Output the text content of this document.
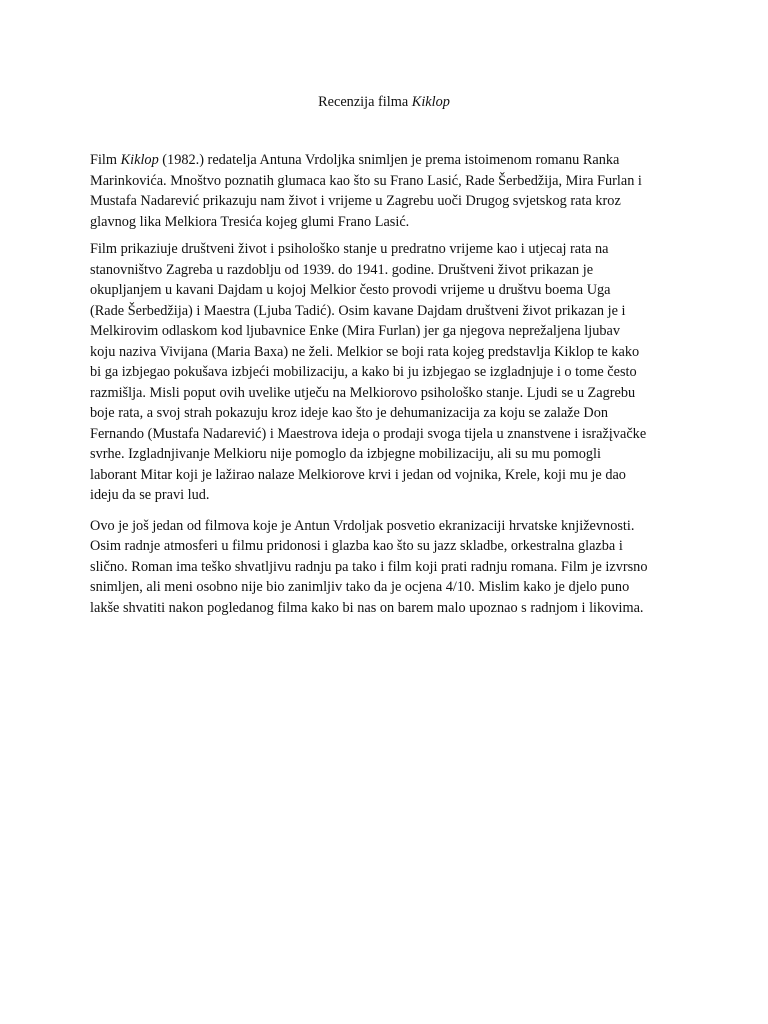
Recenzija filma Kiklop

Film Kiklop (1982.) redatelja Antuna Vrdoljka snimljen je prema istoimenom romanu Ranka
Marinkovića. Mnoštvo poznatih glumaca kao što su Frano Lasić, Rade Šerbedžija, Mira Furlan i
Mustafa Nadarević prikazuju nam život i vrijeme u Zagrebu uoči Drugog svjetskog rata kroz
glavnog lika Melkiora Tresića kojeg glumi Frano Lasić.

Film prikaziuje društveni život i psihološko stanje u predratno vrijeme kao i utjecaj rata na
stanovništvo Zagreba u razdoblju od 1939. do 1941. godine. Društveni život prikazan je
okupljanjem u kavani Dajdam u kojoj Melkior često provodi vrijeme u društvu boema Uga
(Rade Šerbedžija) i Maestra (Ljuba Tadić). Osim kavane Dajdam društveni život prikazan je i
Melkirovim odlaskom kod ljubavnice Enke (Mira Furlan) jer ga njegova neprežaljena ljubav
koju naziva Vivijana (Maria Baxa) ne želi. Melkior se boji rata kojeg predstavlja Kiklop te kako
bi ga izbjegao pokušava izbjeći mobilizaciju, a kako bi ju izbjegao se izgladnjuje i o tome često
razmišlja. Misli poput ovih uvelike utječu na Melkiorovo psihološko stanje. Ljudi se u Zagrebu
boje rata, a svoj strah pokazuju kroz ideje kao što je dehumanizacija za koju se zalaže Don
Fernando (Mustafa Nadarević) i Maestrova ideja o prodaji svoga tijela u znanstvene i isražįvačke
svrhe. Izgladnjivanje Melkioru nije pomoglo da izbjegne mobilizaciju, ali su mu pomogli
laborant Mitar koji je lažirao nalaze Melkiorove krvi i jedan od vojnika, Krele, koji mu je dao
ideju da se pravi lud.

Ovo je još jedan od filmova koje je Antun Vrdoljak posvetio ekranizaciji hrvatske književnosti.
Osim radnje atmosferi u filmu pridonosi i glazba kao što su jazz skladbe, orkestralna glazba i
slično. Roman ima teško shvatljivu radnju pa tako i film koji prati radnju romana. Film je izvrsno
snimljen, ali meni osobno nije bio zanimljiv tako da je ocjena 4/10. Mislim kako je djelo puno
lakše shvatiti nakon pogledanog filma kako bi nas on barem malo upoznao s radnjom i likovima.
